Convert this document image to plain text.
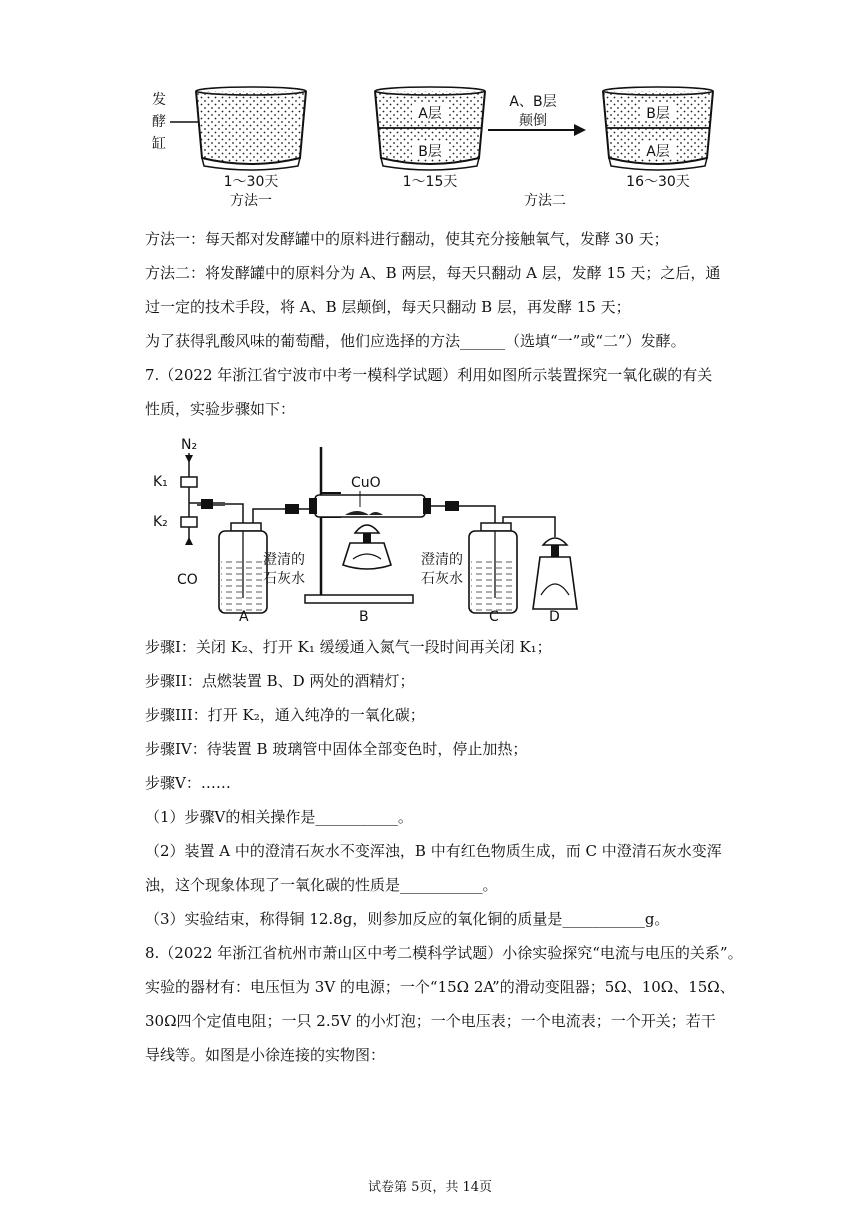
发
酵
缸
1～30天
方法一
A层
B层
1～15天
A、B层
颠倒
方法二
B层
A层
16～30天
方法一：每天都对发酵罐中的原料进行翻动，使其充分接触氧气，发酵 30 天；
方法二：将发酵罐中的原料分为 A、B 两层，每天只翻动 A 层，发酵 15 天；之后，通
过一定的技术手段，将 A、B 层颠倒，每天只翻动 B 层，再发酵 15 天；
为了获得乳酸风味的葡萄醋，他们应选择的方法______（选填“一”或“二”）发酵。
7.（2022 年浙江省宁波市中考一模科学试题）利用如图所示装置探究一氧化碳的有关
性质，实验步骤如下：
N₂
K₁
K₂
CO
澄清的
石灰水
A
CuO
B
澄清的
石灰水
C	D
步骤I：关闭 K₂、打开 K₁ 缓缓通入氮气一段时间再关闭 K₁；
步骤II：点燃装置 B、D 两处的酒精灯；
步骤III：打开 K₂，通入纯净的一氧化碳；
步骤IV：待装置 B 玻璃管中固体全部变色时，停止加热；
步骤V：……
（1）步骤V的相关操作是___________。
（2）装置 A 中的澄清石灰水不变浑浊，B 中有红色物质生成，而 C 中澄清石灰水变浑
浊，这个现象体现了一氧化碳的性质是___________。
（3）实验结束，称得铜 12.8g，则参加反应的氧化铜的质量是___________g。
8.（2022 年浙江省杭州市萧山区中考二模科学试题）小徐实验探究“电流与电压的关系”。
实验的器材有：电压恒为 3V 的电源；一个“15Ω 2A”的滑动变阻器；5Ω、10Ω、15Ω、
30Ω四个定值电阻；一只 2.5V 的小灯泡；一个电压表；一个电流表；一个开关；若干
导线等。如图是小徐连接的实物图：
试卷第 5页，共 14页
